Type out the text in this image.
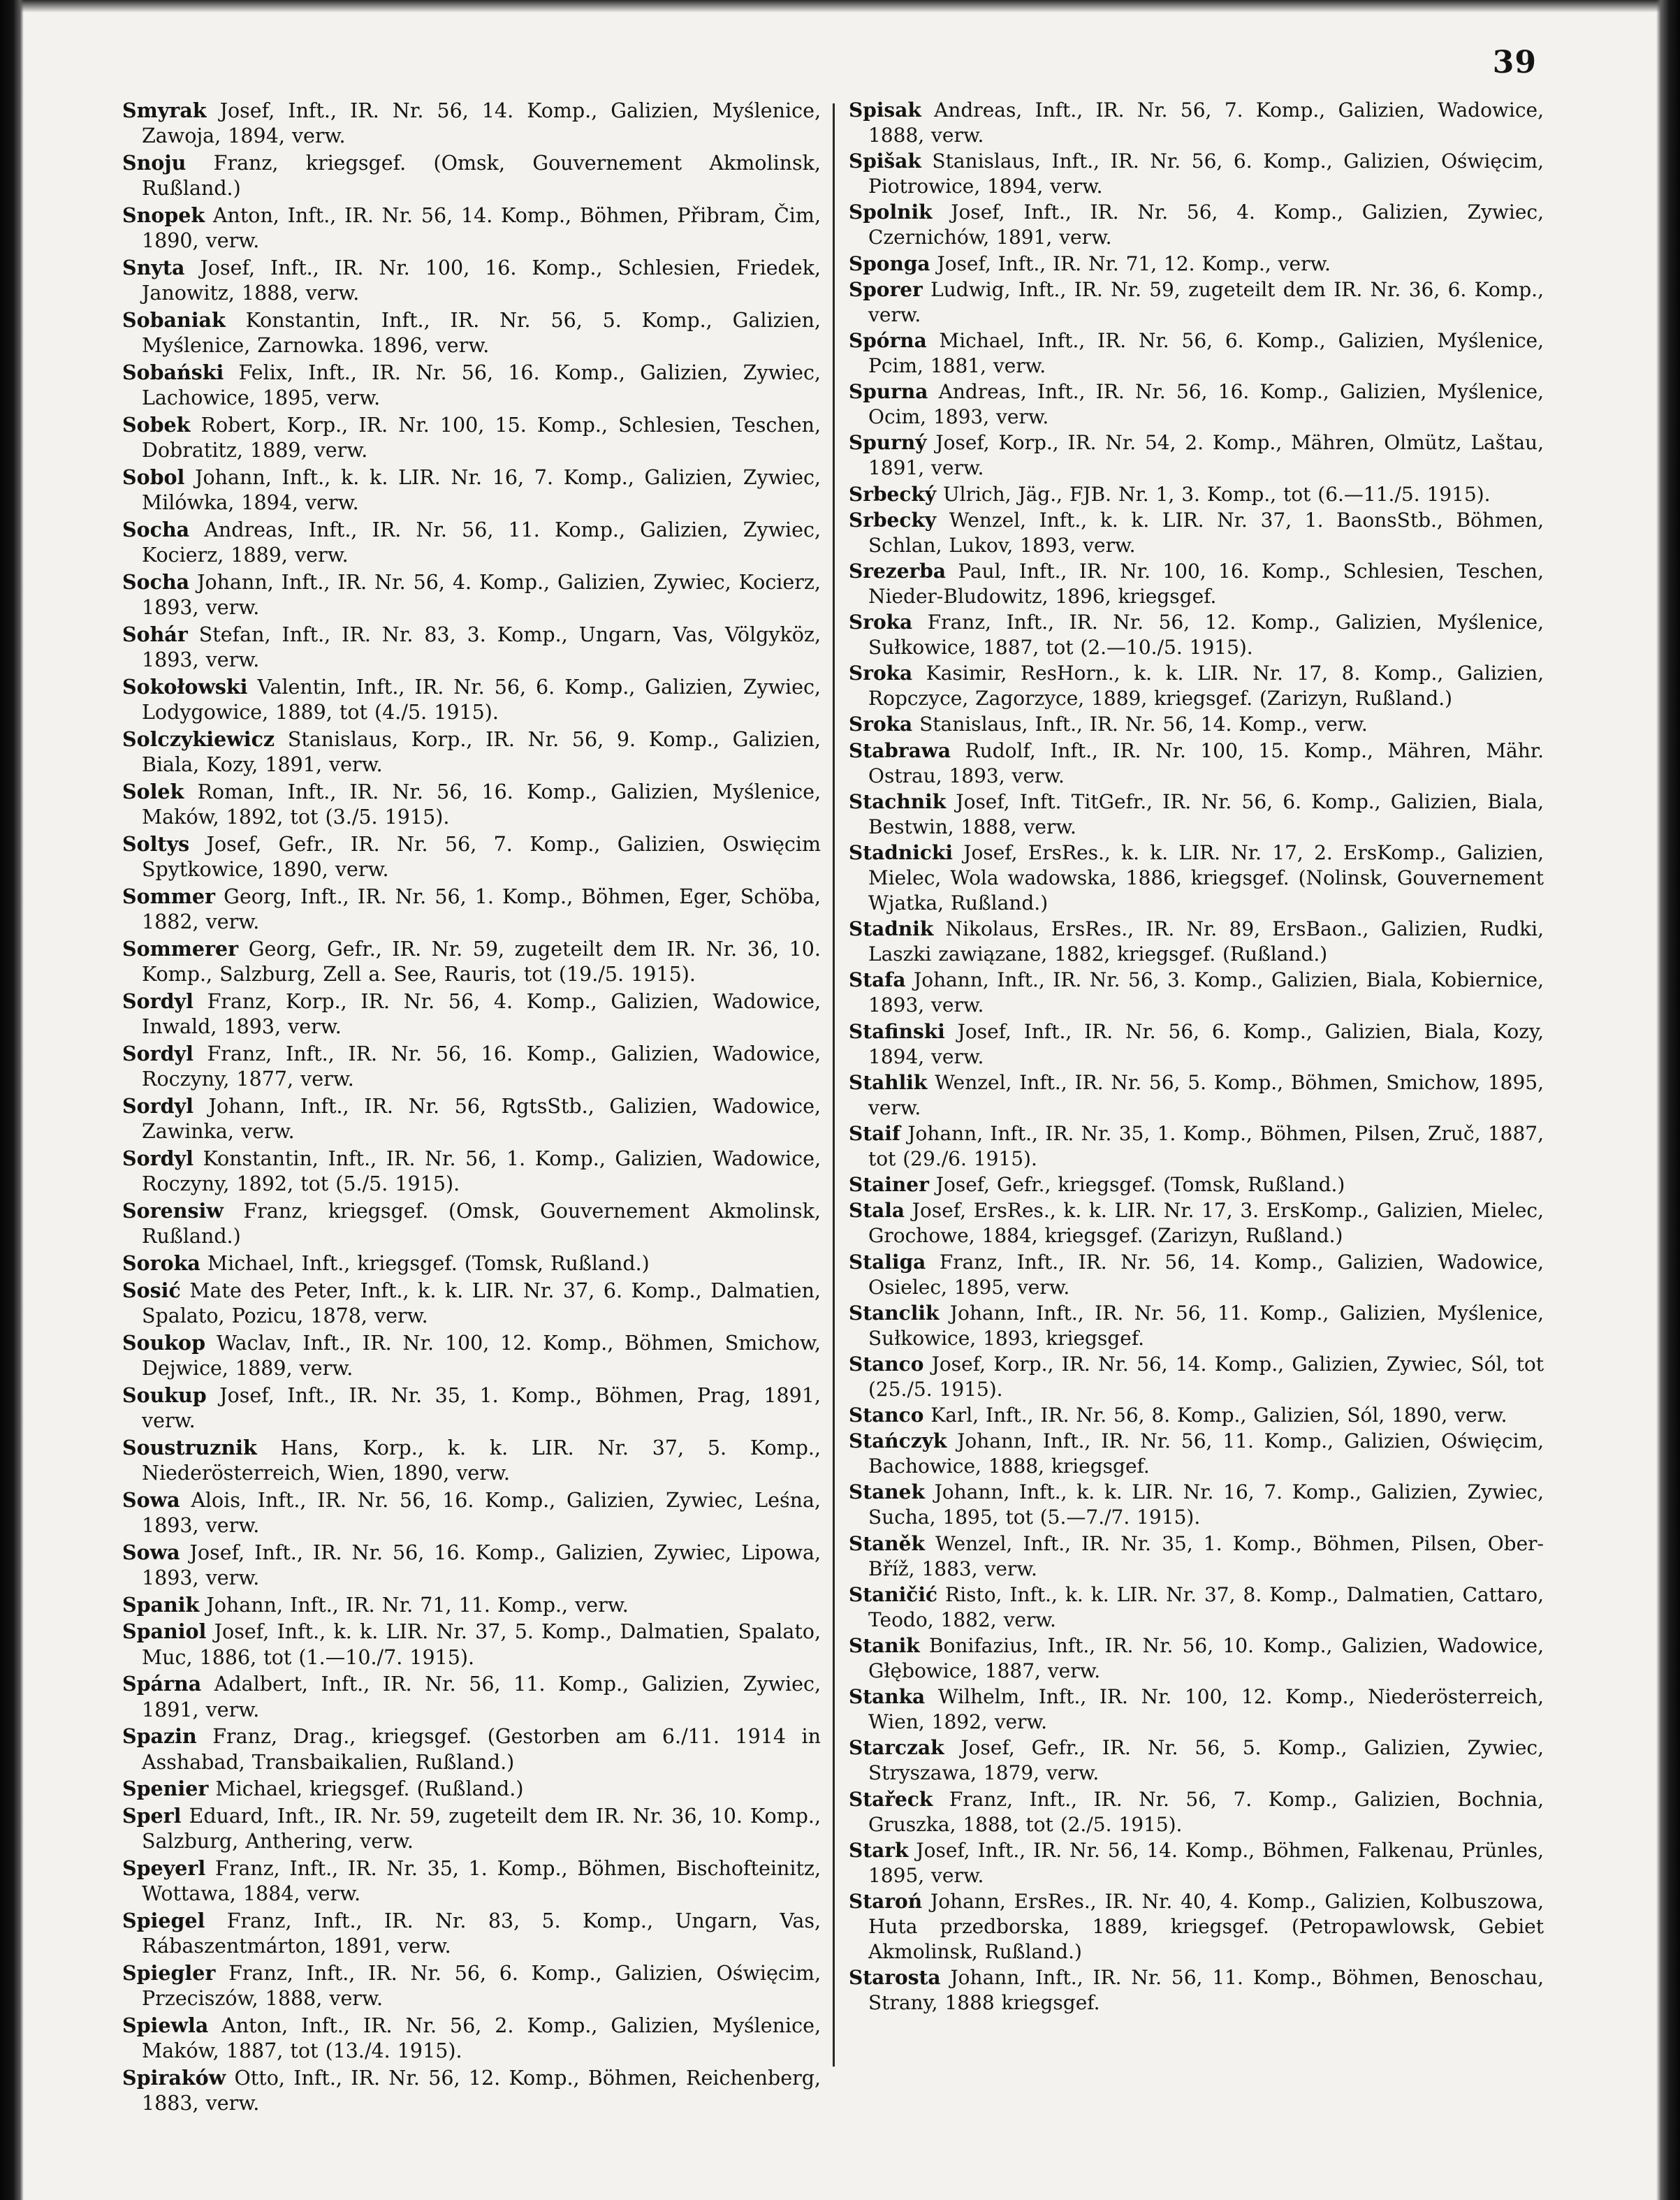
39
Smyrak Josef, Inft., IR. Nr. 56, 14. Komp., Galizien, Myślenice, Zawoja, 1894, verw.
Snoju Franz, kriegsgef. (Omsk, Gouvernement Akmolinsk, Rußland.)
Snopek Anton, Inft., IR. Nr. 56, 14. Komp., Böhmen, Přibram, Čim, 1890, verw.
Snyta Josef, Inft., IR. Nr. 100, 16. Komp., Schlesien, Friedek, Janowitz, 1888, verw.
Sobaniak Konstantin, Inft., IR. Nr. 56, 5. Komp., Galizien, Myślenice, Zarnowka. 1896, verw.
Sobański Felix, Inft., IR. Nr. 56, 16. Komp., Galizien, Zywiec, Lachowice, 1895, verw.
Sobek Robert, Korp., IR. Nr. 100, 15. Komp., Schlesien, Teschen, Dobratitz, 1889, verw.
Sobol Johann, Inft., k. k. LIR. Nr. 16, 7. Komp., Galizien, Zywiec, Milówka, 1894, verw.
Socha Andreas, Inft., IR. Nr. 56, 11. Komp., Galizien, Zywiec, Kocierz, 1889, verw.
Socha Johann, Inft., IR. Nr. 56, 4. Komp., Galizien, Zywiec, Kocierz, 1893, verw.
Sohár Stefan, Inft., IR. Nr. 83, 3. Komp., Ungarn, Vas, Völgyköz, 1893, verw.
Sokołowski Valentin, Inft., IR. Nr. 56, 6. Komp., Galizien, Zywiec, Lodygowice, 1889, tot (4./5. 1915).
Solczykiewicz Stanislaus, Korp., IR. Nr. 56, 9. Komp., Galizien, Biala, Kozy, 1891, verw.
Solek Roman, Inft., IR. Nr. 56, 16. Komp., Galizien, Myślenice, Maków, 1892, tot (3./5. 1915).
Soltys Josef, Gefr., IR. Nr. 56, 7. Komp., Galizien, Oswięcim Spytkowice, 1890, verw.
Sommer Georg, Inft., IR. Nr. 56, 1. Komp., Böhmen, Eger, Schöba, 1882, verw.
Sommerer Georg, Gefr., IR. Nr. 59, zugeteilt dem IR. Nr. 36, 10. Komp., Salzburg, Zell a. See, Rauris, tot (19./5. 1915).
Sordyl Franz, Korp., IR. Nr. 56, 4. Komp., Galizien, Wadowice, Inwald, 1893, verw.
Sordyl Franz, Inft., IR. Nr. 56, 16. Komp., Galizien, Wadowice, Roczyny, 1877, verw.
Sordyl Johann, Inft., IR. Nr. 56, RgtsStb., Galizien, Wadowice, Zawinka, verw.
Sordyl Konstantin, Inft., IR. Nr. 56, 1. Komp., Galizien, Wadowice, Roczyny, 1892, tot (5./5. 1915).
Sorensiw Franz, kriegsgef. (Omsk, Gouvernement Akmolinsk, Rußland.)
Soroka Michael, Inft., kriegsgef. (Tomsk, Rußland.)
Sosić Mate des Peter, Inft., k. k. LIR. Nr. 37, 6. Komp., Dalmatien, Spalato, Pozicu, 1878, verw.
Soukop Waclav, Inft., IR. Nr. 100, 12. Komp., Böhmen, Smichow, Dejwice, 1889, verw.
Soukup Josef, Inft., IR. Nr. 35, 1. Komp., Böhmen, Prag, 1891, verw.
Soustruznik Hans, Korp., k. k. LIR. Nr. 37, 5. Komp., Niederösterreich, Wien, 1890, verw.
Sowa Alois, Inft., IR. Nr. 56, 16. Komp., Galizien, Zywiec, Leśna, 1893, verw.
Sowa Josef, Inft., IR. Nr. 56, 16. Komp., Galizien, Zywiec, Lipowa, 1893, verw.
Spanik Johann, Inft., IR. Nr. 71, 11. Komp., verw.
Spaniol Josef, Inft., k. k. LIR. Nr. 37, 5. Komp., Dalmatien, Spalato, Muc, 1886, tot (1.—10./7. 1915).
Spárna Adalbert, Inft., IR. Nr. 56, 11. Komp., Galizien, Zywiec, 1891, verw.
Spazin Franz, Drag., kriegsgef. (Gestorben am 6./11. 1914 in Asshabad, Transbaikalien, Rußland.)
Spenier Michael, kriegsgef. (Rußland.)
Sperl Eduard, Inft., IR. Nr. 59, zugeteilt dem IR. Nr. 36, 10. Komp., Salzburg, Anthering, verw.
Speyerl Franz, Inft., IR. Nr. 35, 1. Komp., Böhmen, Bischofteinitz, Wottawa, 1884, verw.
Spiegel Franz, Inft., IR. Nr. 83, 5. Komp., Ungarn, Vas, Rábaszentmárton, 1891, verw.
Spiegler Franz, Inft., IR. Nr. 56, 6. Komp., Galizien, Oświęcim, Przeciszów, 1888, verw.
Spiewla Anton, Inft., IR. Nr. 56, 2. Komp., Galizien, Myślenice, Maków, 1887, tot (13./4. 1915).
Spiraków Otto, Inft., IR. Nr. 56, 12. Komp., Böhmen, Reichenberg, 1883, verw.
Spisak Andreas, Inft., IR. Nr. 56, 7. Komp., Galizien, Wadowice, 1888, verw.
Spišak Stanislaus, Inft., IR. Nr. 56, 6. Komp., Galizien, Oświęcim, Piotrowice, 1894, verw.
Spolnik Josef, Inft., IR. Nr. 56, 4. Komp., Galizien, Zywiec, Czernichów, 1891, verw.
Sponga Josef, Inft., IR. Nr. 71, 12. Komp., verw.
Sporer Ludwig, Inft., IR. Nr. 59, zugeteilt dem IR. Nr. 36, 6. Komp., verw.
Spórna Michael, Inft., IR. Nr. 56, 6. Komp., Galizien, Myślenice, Pcim, 1881, verw.
Spurna Andreas, Inft., IR. Nr. 56, 16. Komp., Galizien, Myślenice, Ocim, 1893, verw.
Spurný Josef, Korp., IR. Nr. 54, 2. Komp., Mähren, Olmütz, Laštau, 1891, verw.
Srbecký Ulrich, Jäg., FJB. Nr. 1, 3. Komp., tot (6.—11./5. 1915).
Srbecky Wenzel, Inft., k. k. LIR. Nr. 37, 1. BaonsStb., Böhmen, Schlan, Lukov, 1893, verw.
Srezerba Paul, Inft., IR. Nr. 100, 16. Komp., Schlesien, Teschen, Nieder-Bludowitz, 1896, kriegsgef.
Sroka Franz, Inft., IR. Nr. 56, 12. Komp., Galizien, Myślenice, Sułkowice, 1887, tot (2.—10./5. 1915).
Sroka Kasimir, ResHorn., k. k. LIR. Nr. 17, 8. Komp., Galizien, Ropczyce, Zagorzyce, 1889, kriegsgef. (Zarizyn, Rußland.)
Sroka Stanislaus, Inft., IR. Nr. 56, 14. Komp., verw.
Stabrawa Rudolf, Inft., IR. Nr. 100, 15. Komp., Mähren, Mähr. Ostrau, 1893, verw.
Stachnik Josef, Inft. TitGefr., IR. Nr. 56, 6. Komp., Galizien, Biala, Bestwin, 1888, verw.
Stadnicki Josef, ErsRes., k. k. LIR. Nr. 17, 2. ErsKomp., Galizien, Mielec, Wola wadowska, 1886, kriegsgef. (Nolinsk, Gouvernement Wjatka, Rußland.)
Stadnik Nikolaus, ErsRes., IR. Nr. 89, ErsBaon., Galizien, Rudki, Laszki zawiązane, 1882, kriegsgef. (Rußland.)
Stafa Johann, Inft., IR. Nr. 56, 3. Komp., Galizien, Biala, Kobiernice, 1893, verw.
Stafinski Josef, Inft., IR. Nr. 56, 6. Komp., Galizien, Biala, Kozy, 1894, verw.
Stahlik Wenzel, Inft., IR. Nr. 56, 5. Komp., Böhmen, Smichow, 1895, verw.
Staif Johann, Inft., IR. Nr. 35, 1. Komp., Böhmen, Pilsen, Zruč, 1887, tot (29./6. 1915).
Stainer Josef, Gefr., kriegsgef. (Tomsk, Rußland.)
Stala Josef, ErsRes., k. k. LIR. Nr. 17, 3. ErsKomp., Galizien, Mielec, Grochowe, 1884, kriegsgef. (Zarizyn, Rußland.)
Staliga Franz, Inft., IR. Nr. 56, 14. Komp., Galizien, Wadowice, Osielec, 1895, verw.
Stanclik Johann, Inft., IR. Nr. 56, 11. Komp., Galizien, Myślenice, Sułkowice, 1893, kriegsgef.
Stanco Josef, Korp., IR. Nr. 56, 14. Komp., Galizien, Zywiec, Sól, tot (25./5. 1915).
Stanco Karl, Inft., IR. Nr. 56, 8. Komp., Galizien, Sól, 1890, verw.
Stańczyk Johann, Inft., IR. Nr. 56, 11. Komp., Galizien, Oświęcim, Bachowice, 1888, kriegsgef.
Stanek Johann, Inft., k. k. LIR. Nr. 16, 7. Komp., Galizien, Zywiec, Sucha, 1895, tot (5.—7./7. 1915).
Staněk Wenzel, Inft., IR. Nr. 35, 1. Komp., Böhmen, Pilsen, Ober-Bříž, 1883, verw.
Staničić Risto, Inft., k. k. LIR. Nr. 37, 8. Komp., Dalmatien, Cattaro, Teodo, 1882, verw.
Stanik Bonifazius, Inft., IR. Nr. 56, 10. Komp., Galizien, Wadowice, Głębowice, 1887, verw.
Stanka Wilhelm, Inft., IR. Nr. 100, 12. Komp., Niederösterreich, Wien, 1892, verw.
Starczak Josef, Gefr., IR. Nr. 56, 5. Komp., Galizien, Zywiec, Stryszawa, 1879, verw.
Stařeck Franz, Inft., IR. Nr. 56, 7. Komp., Galizien, Bochnia, Gruszka, 1888, tot (2./5. 1915).
Stark Josef, Inft., IR. Nr. 56, 14. Komp., Böhmen, Falkenau, Prünles, 1895, verw.
Staroń Johann, ErsRes., IR. Nr. 40, 4. Komp., Galizien, Kolbuszowa, Huta przedborska, 1889, kriegsgef. (Petropawlowsk, Gebiet Akmolinsk, Rußland.)
Starosta Johann, Inft., IR. Nr. 56, 11. Komp., Böhmen, Benoschau, Strany, 1888 kriegsgef.
